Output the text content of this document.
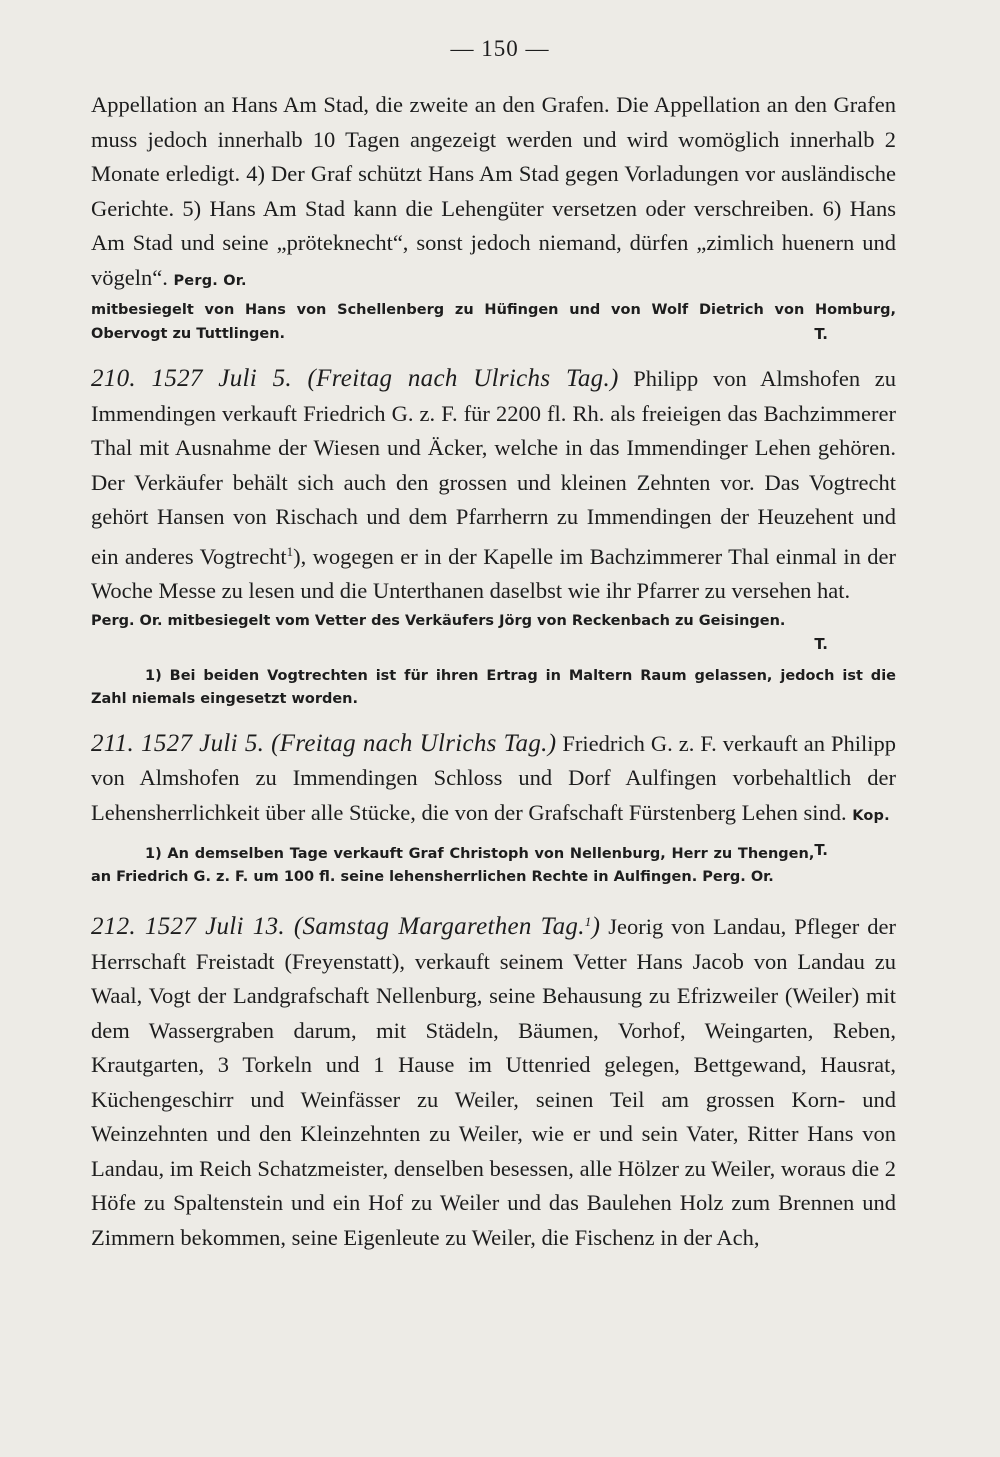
— 150 —

Appellation an Hans Am Stad, die zweite an den Grafen. Die Appellation an den Grafen muss jedoch innerhalb 10 Tagen angezeigt werden und wird womöglich innerhalb 2 Monate erledigt. 4) Der Graf schützt Hans Am Stad gegen Vorladungen vor ausländische Gerichte. 5) Hans Am Stad kann die Lehengüter versetzen oder verschreiben. 6) Hans Am Stad und seine „pröteknecht“, sonst jedoch niemand, dürfen „zimlich huenern und vögeln“. Perg. Or.

mitbesiegelt von Hans von Schellenberg zu Hüfingen und von Wolf Dietrich von Homburg, Obervogt zu Tuttlingen.	T.

210. 1527 Juli 5. (Freitag nach Ulrichs Tag.) Philipp von Almshofen zu Immendingen verkauft Friedrich G. z. F. für 2200 fl. Rh. als freieigen das Bachzimmerer Thal mit Ausnahme der Wiesen und Äcker, welche in das Immendinger Lehen gehören. Der Verkäufer behält sich auch den grossen und kleinen Zehnten vor. Das Vogtrecht gehört Hansen von Rischach und dem Pfarrherrn zu Immendingen der Heuzehent und ein anderes Vogtrecht$^1$), wogegen er in der Kapelle im Bachzimmerer Thal einmal in der Woche Messe zu lesen und die Unterthanen daselbst wie ihr Pfarrer zu versehen hat.

Perg. Or. mitbesiegelt vom Vetter des Verkäufers Jörg von Reckenbach zu Geisingen.

T.

1) Bei beiden Vogtrechten ist für ihren Ertrag in Maltern Raum gelassen, jedoch ist die Zahl niemals eingesetzt worden.

211. 1527 Juli 5. (Freitag nach Ulrichs Tag.) Friedrich G. z. F. verkauft an Philipp von Almshofen zu Immendingen Schloss und Dorf Aulfingen vorbehaltlich der Lehensherrlichkeit über alle Stücke, die von der Grafschaft Fürstenberg Lehen sind. Kop.
T.

1) An demselben Tage verkauft Graf Christoph von Nellenburg, Herr zu Thengen, an Friedrich G. z. F. um 100 fl. seine lehensherrlichen Rechte in Aulfingen. Perg. Or.

212. 1527 Juli 13. (Samstag Margarethen Tag.$^1$) Jeorig von Landau, Pfleger der Herrschaft Freistadt (Freyenstatt), verkauft seinem Vetter Hans Jacob von Landau zu Waal, Vogt der Landgrafschaft Nellenburg, seine Behausung zu Efrizweiler (Weiler) mit dem Wassergraben darum, mit Städeln, Bäumen, Vorhof, Weingarten, Reben, Krautgarten, 3 Torkeln und 1 Hause im Uttenried gelegen, Bettgewand, Hausrat, Küchengeschirr und Weinfässer zu Weiler, seinen Teil am grossen Korn- und Weinzehnten und den Kleinzehnten zu Weiler, wie er und sein Vater, Ritter Hans von Landau, im Reich Schatzmeister, denselben besessen, alle Hölzer zu Weiler, woraus die 2 Höfe zu Spaltenstein und ein Hof zu Weiler und das Baulehen Holz zum Brennen und Zimmern bekommen, seine Eigenleute zu Weiler, die Fischenz in der Ach,
